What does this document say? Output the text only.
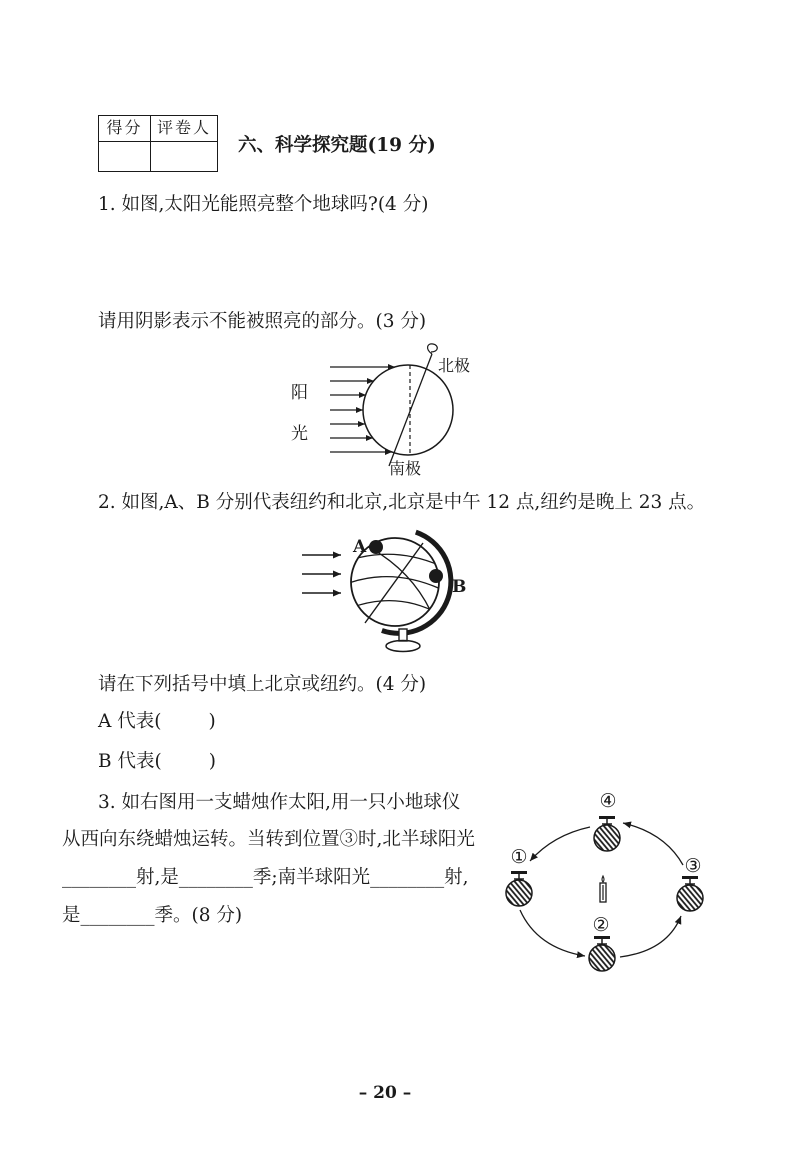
得分 评卷人
六、科学探究题(19 分)
1. 如图,太阳光能照亮整个地球吗?(4 分)
请用阴影表示不能被照亮的部分。(3 分)
北极
南极
阳
光
2. 如图,A、B 分别代表纽约和北京,北京是中午 12 点,纽约是晚上 23 点。
A
B
请在下列括号中填上北京或纽约。(4 分)
A 代表(        )
B 代表(        )
3. 如右图用一支蜡烛作太阳,用一只小地球仪
从西向东绕蜡烛运转。当转到位置③时,北半球阳光
________射,是________季;南半球阳光________射,
是________季。(8 分)
④
①	③
②
– 20 –
